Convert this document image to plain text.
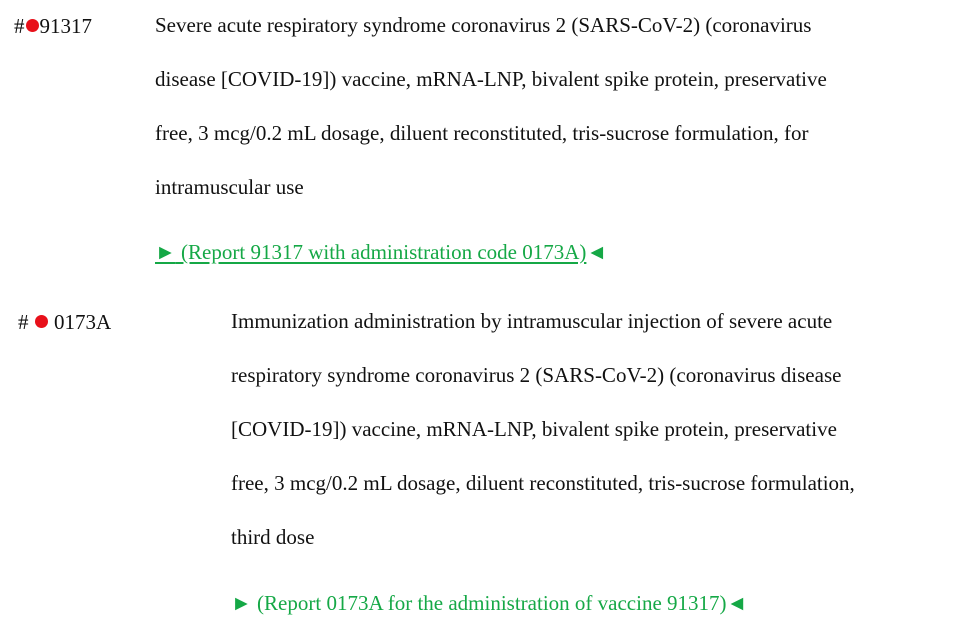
# 91317	Severe acute respiratory syndrome coronavirus 2 (SARS-CoV-2) (coronavirus
disease [COVID-19]) vaccine, mRNA-LNP, bivalent spike protein, preservative
free, 3 mcg/0.2 mL dosage, diluent reconstituted, tris-sucrose formulation, for
intramuscular use
► (Report 91317 with administration code 0173A)◄
# 0173A	Immunization administration by intramuscular injection of severe acute
respiratory syndrome coronavirus 2 (SARS-CoV-2) (coronavirus disease
[COVID-19]) vaccine, mRNA-LNP, bivalent spike protein, preservative
free, 3 mcg/0.2 mL dosage, diluent reconstituted, tris-sucrose formulation,
third dose
► (Report 0173A for the administration of vaccine 91317)◄
